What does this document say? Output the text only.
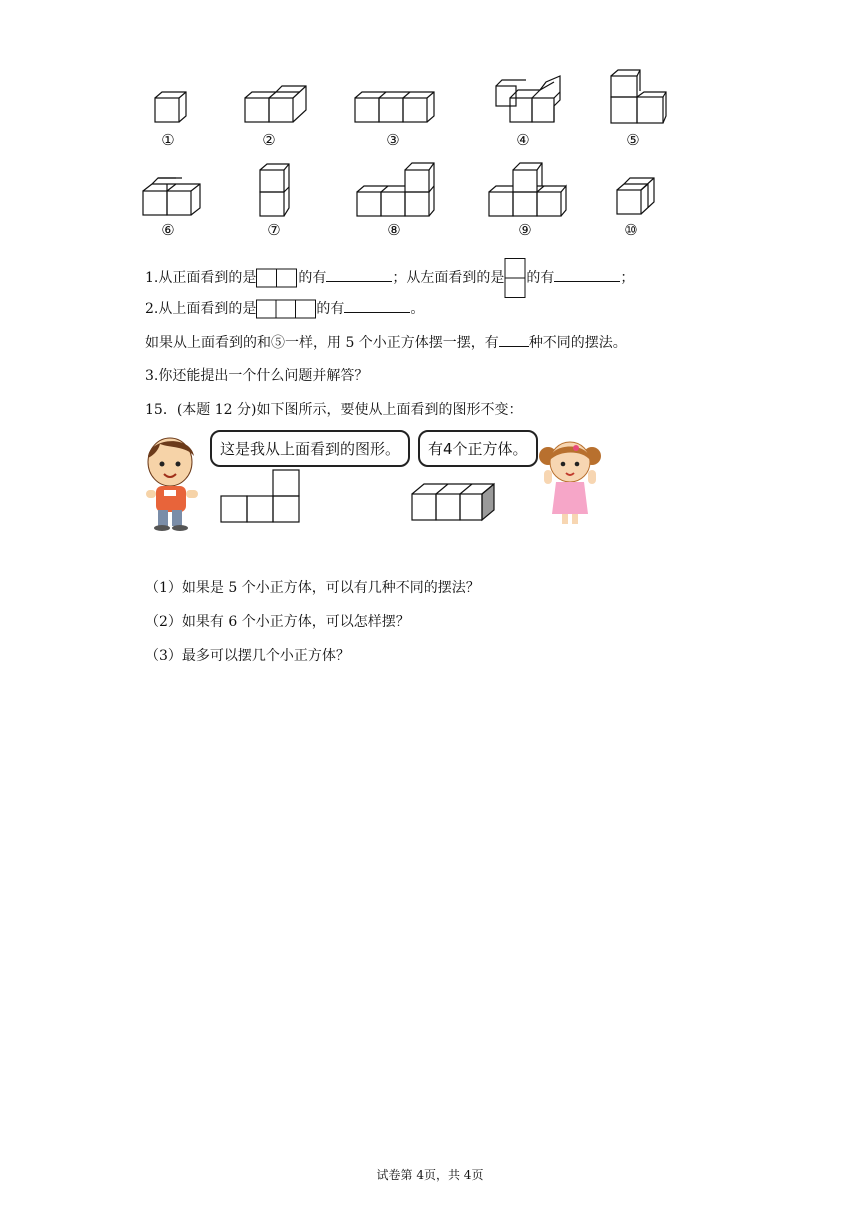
①	②	③	④	⑤
⑥	⑦	⑧	⑨	⑩
1.从正面看到的是	的有	；从左面看到的是 的有	；
2.从上面看到的是	的有	。
如果从上面看到的和⑤一样，用 5 个小正方体摆一摆，有 种不同的摆法。
3.你还能提出一个什么问题并解答？
15．(本题 12 分)如下图所示，要使从上面看到的图形不变：
这是我从上面看到的图形。	有4个正方体。
（1）如果是 5 个小正方体，可以有几种不同的摆法？
（2）如果有 6 个小正方体，可以怎样摆？
（3）最多可以摆几个小正方体？
试卷第 4页，共 4页
